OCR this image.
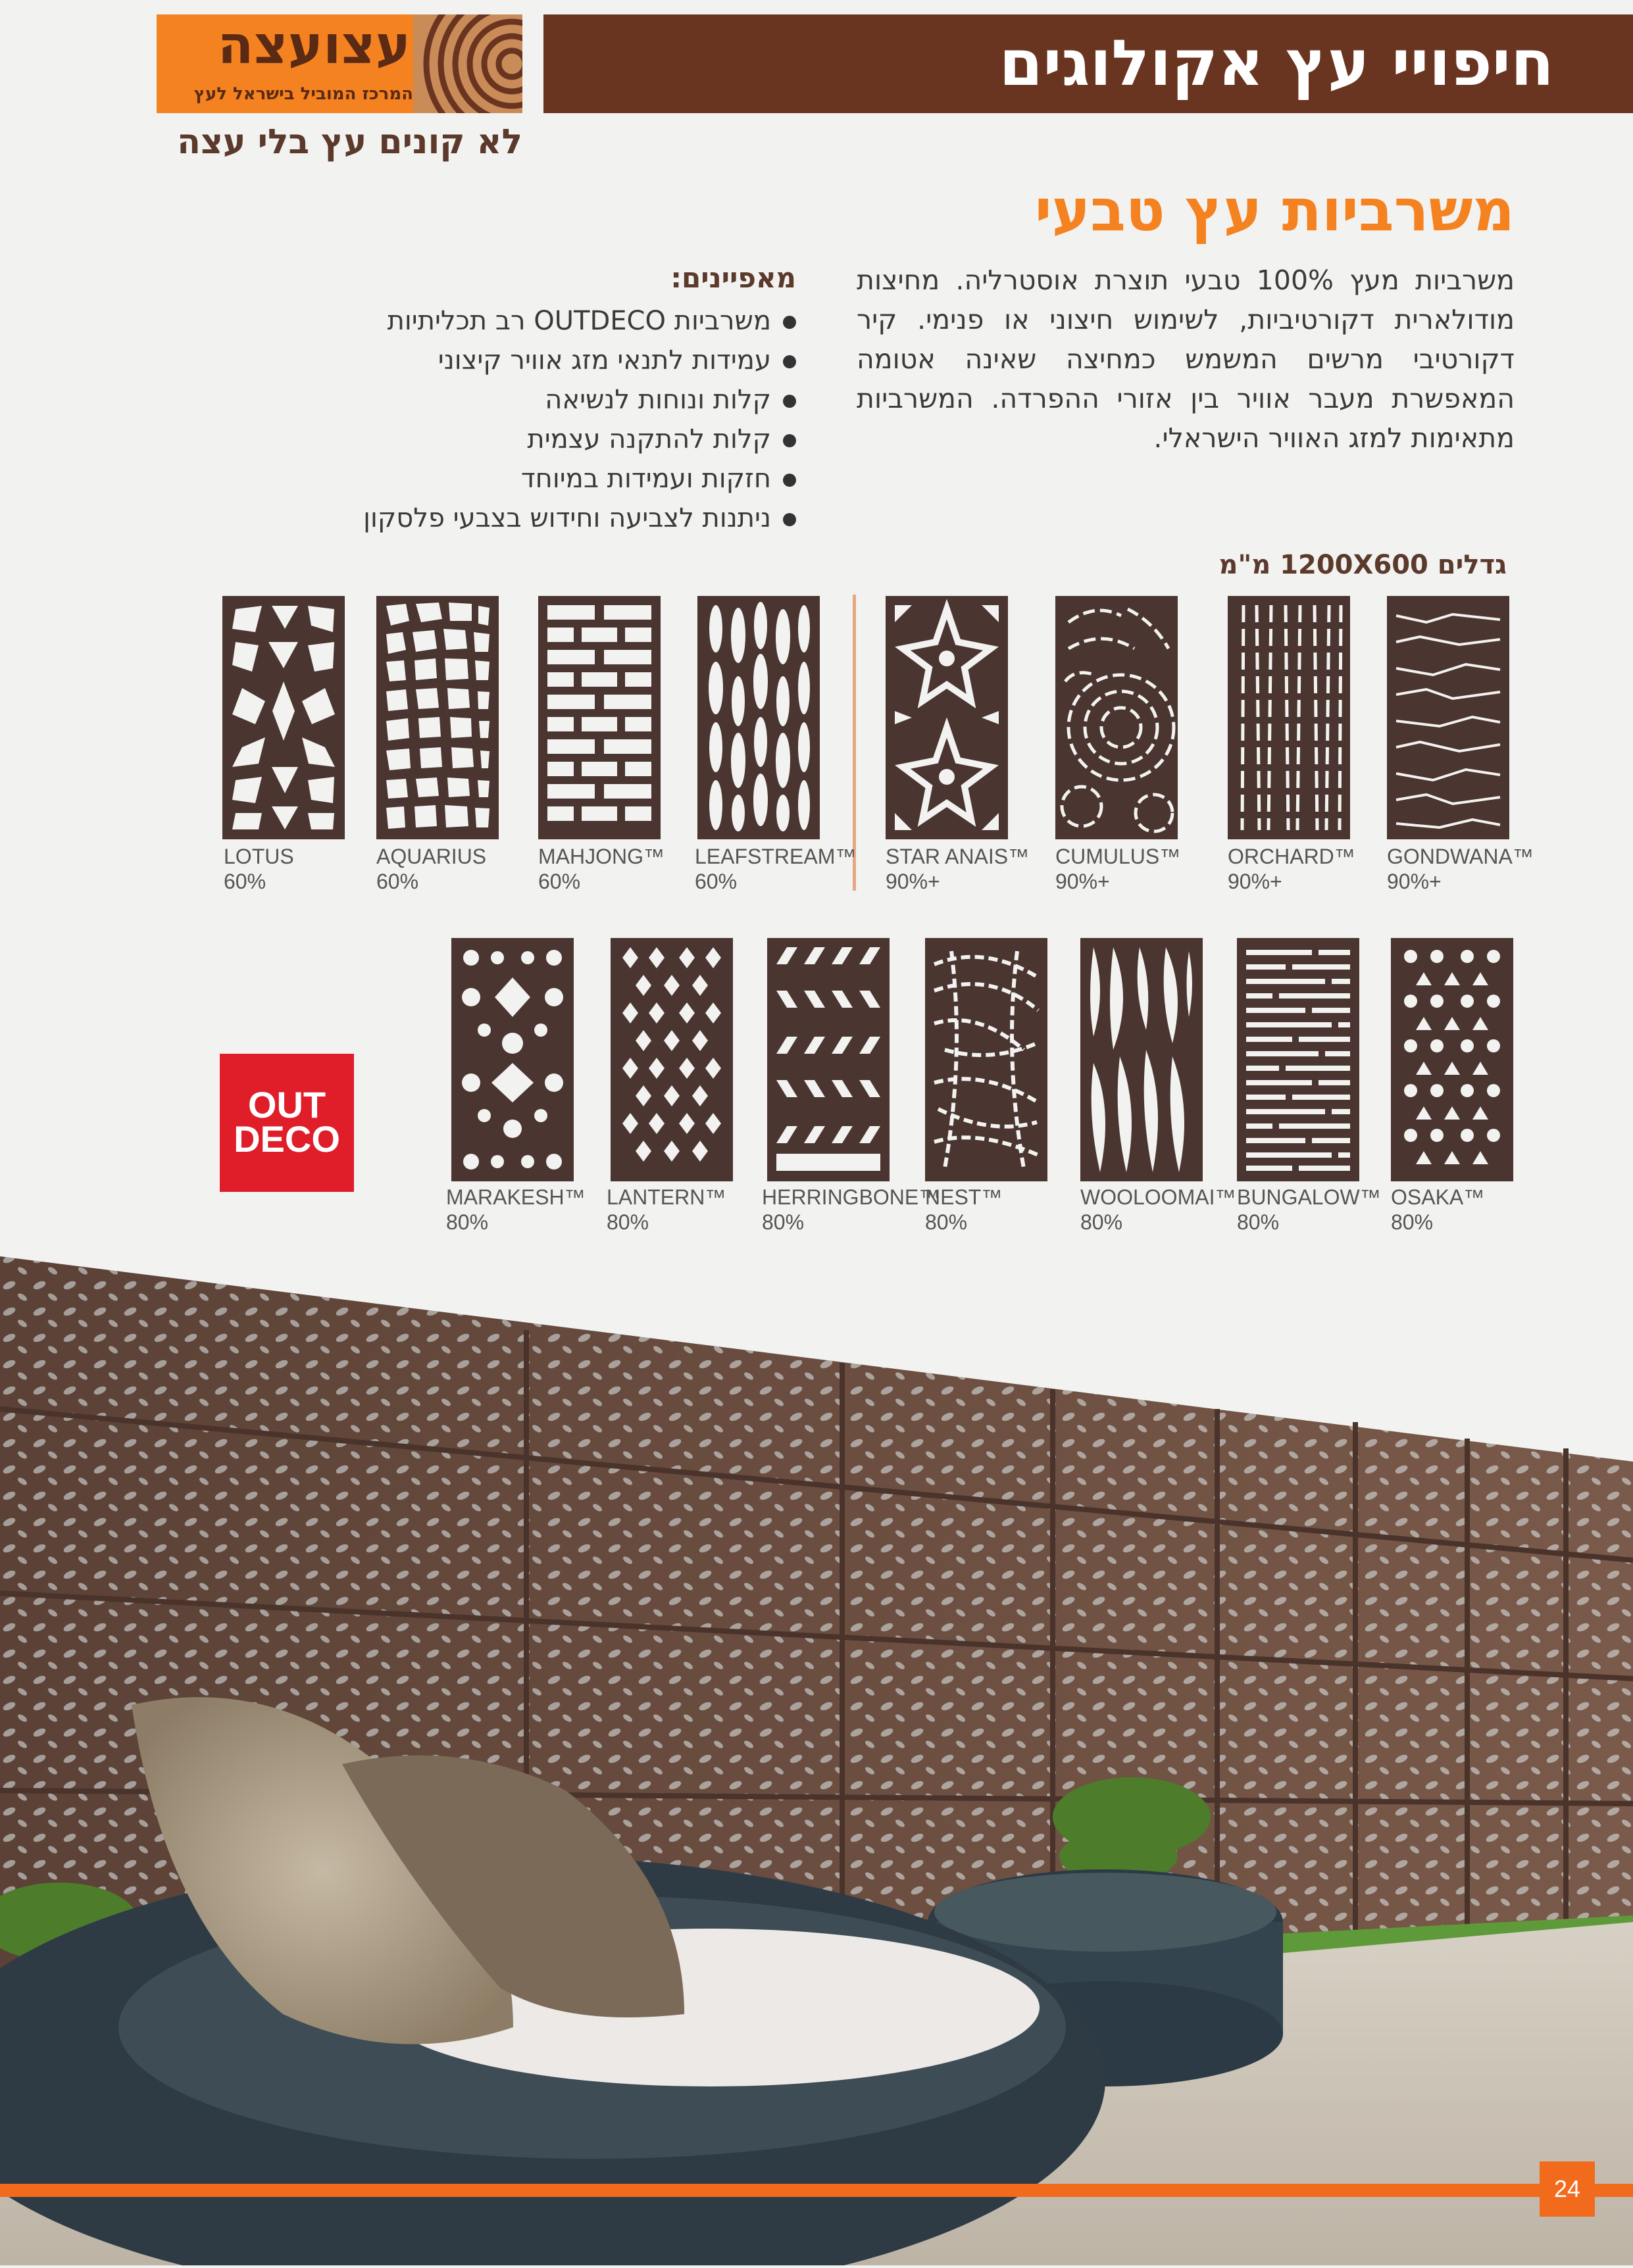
עצועצה
המרכז המוביל בישראל לעץ
לא קונים עץ בלי עצה
חיפויי עץ אקולוגים
משרביות עץ טבעי
משרביות מעץ 100% טבעי תוצרת אוסטרליה. מחיצות מודולארית דקורטיביות, לשימוש חיצוני או פנימי. קיר דקורטיבי מרשים המשמש כמחיצה שאינה אטומה המאפשרת מעבר אוויר בין אזורי ההפרדה. המשרביות מתאימות למזג האוויר הישראלי.
מאפיינים:
משרביות OUTDECO רב תכליתיות
עמידות לתנאי מזג אוויר קיצוני
קלות ונוחות לנשיאה
קלות להתקנה עצמית
חזקות ועמידות במיוחד
ניתנות לצביעה וחידוש בצבעי פלסקון
גדלים 1200X600 מ"מ
LOTUS
60%
AQUARIUS
60%
MAHJONG™
60%
LEAFSTREAM™
60%
STAR ANAIS™
90%+
CUMULUS™
90%+
ORCHARD™
90%+
GONDWANA™
90%+
OUT
DECO
MARAKESH™
80%
LANTERN™
80%
HERRINGBONE™
80%
NEST™
80%
WOOLOOMAI™
80%
BUNGALOW™
80%
OSAKA™
80%
24
